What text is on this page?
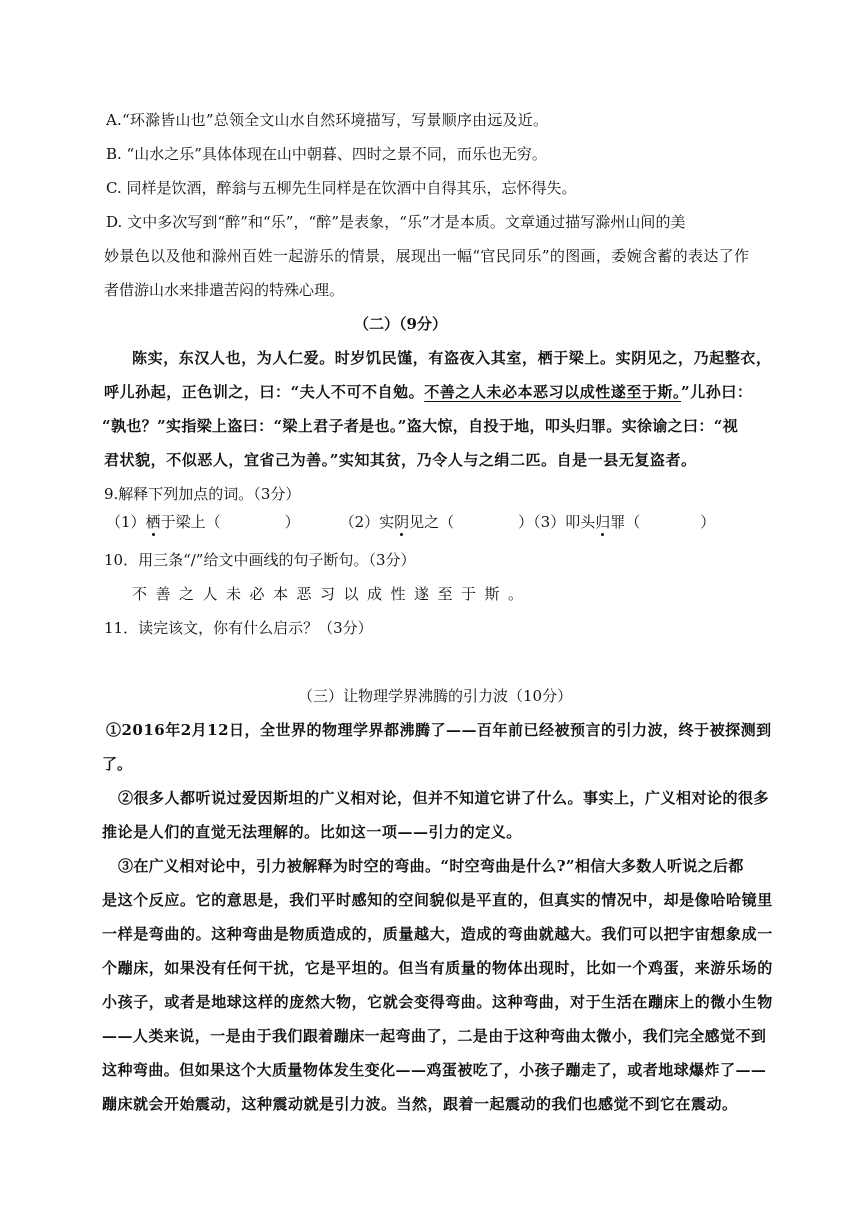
A.“环滁皆山也”总领全文山水自然环境描写，写景顺序由远及近。
B. “山水之乐”具体体现在山中朝暮、四时之景不同，而乐也无穷。
C. 同样是饮酒，醉翁与五柳先生同样是在饮酒中自得其乐，忘怀得失。
D. 文中多次写到“醉”和“乐”，“醉”是表象，“乐”才是本质。文章通过描写滁州山间的美
妙景色以及他和滁州百姓一起游乐的情景，展现出一幅“官民同乐”的图画，委婉含蓄的表达了作
者借游山水来排遣苦闷的特殊心理。
（二）（9分）
陈实，东汉人也，为人仁爱。时岁饥民馑，有盗夜入其室，栖于梁上。实阴见之，乃起整衣，
呼儿孙起，正色训之，曰：“夫人不可不自勉。不善之人未必本恶习以成性遂至于斯。”儿孙曰：
“孰也？”实指梁上盗曰：“梁上君子者是也。”盗大惊，自投于地，叩头归罪。实徐谕之曰：“视
君状貌，不似恶人，宜省己为善。”实知其贫，乃令人与之绢二匹。自是一县无复盗者。
9.解释下列加点的词。（3分）
（1）栖于梁上（	）	（2）实阴见之（	）（3）叩头归罪（	）
10．用三条“/”给文中画线的句子断句。（3分）
不善之人未必本恶习以成性遂至于斯。
11．读完该文，你有什么启示？（3分）
（三）让物理学界沸腾的引力波（10分）
①2016年2月12日，全世界的物理学界都沸腾了——百年前已经被预言的引力波，终于被探测到
了。
②很多人都听说过爱因斯坦的广义相对论，但并不知道它讲了什么。事实上，广义相对论的很多
推论是人们的直觉无法理解的。比如这一项——引力的定义。
③在广义相对论中，引力被解释为时空的弯曲。“时空弯曲是什么?”相信大多数人听说之后都
是这个反应。它的意思是，我们平时感知的空间貌似是平直的，但真实的情况中，却是像哈哈镜里
一样是弯曲的。这种弯曲是物质造成的，质量越大，造成的弯曲就越大。我们可以把宇宙想象成一
个蹦床，如果没有任何干扰，它是平坦的。但当有质量的物体出现时，比如一个鸡蛋，来游乐场的
小孩子，或者是地球这样的庞然大物，它就会变得弯曲。这种弯曲，对于生活在蹦床上的微小生物
——人类来说，一是由于我们跟着蹦床一起弯曲了，二是由于这种弯曲太微小，我们完全感觉不到
这种弯曲。但如果这个大质量物体发生变化——鸡蛋被吃了，小孩子蹦走了，或者地球爆炸了——
蹦床就会开始震动，这种震动就是引力波。当然，跟着一起震动的我们也感觉不到它在震动。
